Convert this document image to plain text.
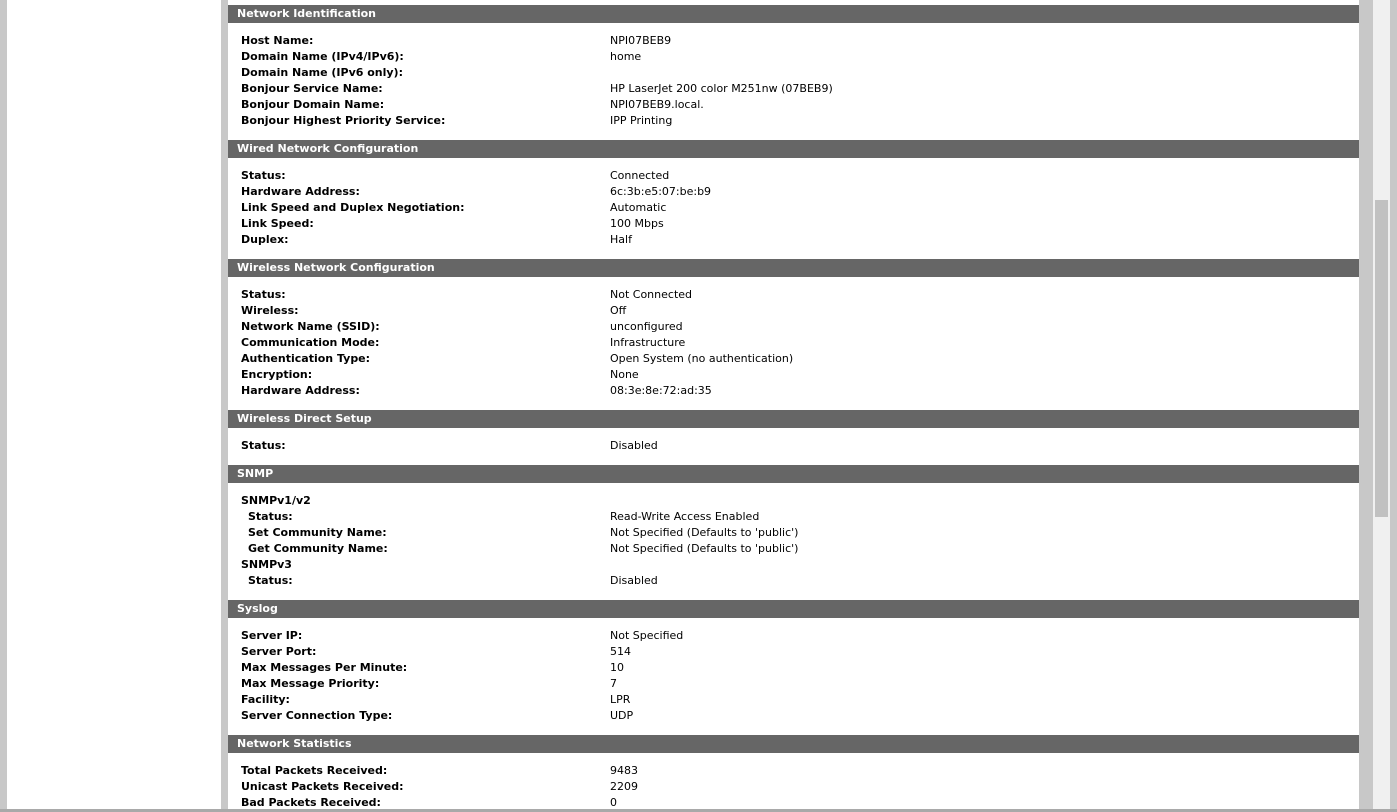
Network Identification
Host Name:	NPI07BEB9
Domain Name (IPv4/IPv6):	home
Domain Name (IPv6 only):
Bonjour Service Name:	HP LaserJet 200 color M251nw (07BEB9)
Bonjour Domain Name:	NPI07BEB9.local.
Bonjour Highest Priority Service:	IPP Printing
Wired Network Configuration
Status:	Connected
Hardware Address:	6c:3b:e5:07:be:b9
Link Speed and Duplex Negotiation:	Automatic
Link Speed:	100 Mbps
Duplex:	Half
Wireless Network Configuration
Status:	Not Connected
Wireless:	Off
Network Name (SSID):	unconfigured
Communication Mode:	Infrastructure
Authentication Type:	Open System (no authentication)
Encryption:	None
Hardware Address:	08:3e:8e:72:ad:35
Wireless Direct Setup
Status:	Disabled
SNMP
SNMPv1/v2
Status:	Read-Write Access Enabled
Set Community Name:	Not Specified (Defaults to 'public')
Get Community Name:	Not Specified (Defaults to 'public')
SNMPv3
Status:	Disabled
Syslog
Server IP:	Not Specified
Server Port:	514
Max Messages Per Minute:	10
Max Message Priority:	7
Facility:	LPR
Server Connection Type:	UDP
Network Statistics
Total Packets Received:	9483
Unicast Packets Received:	2209
Bad Packets Received:	0
